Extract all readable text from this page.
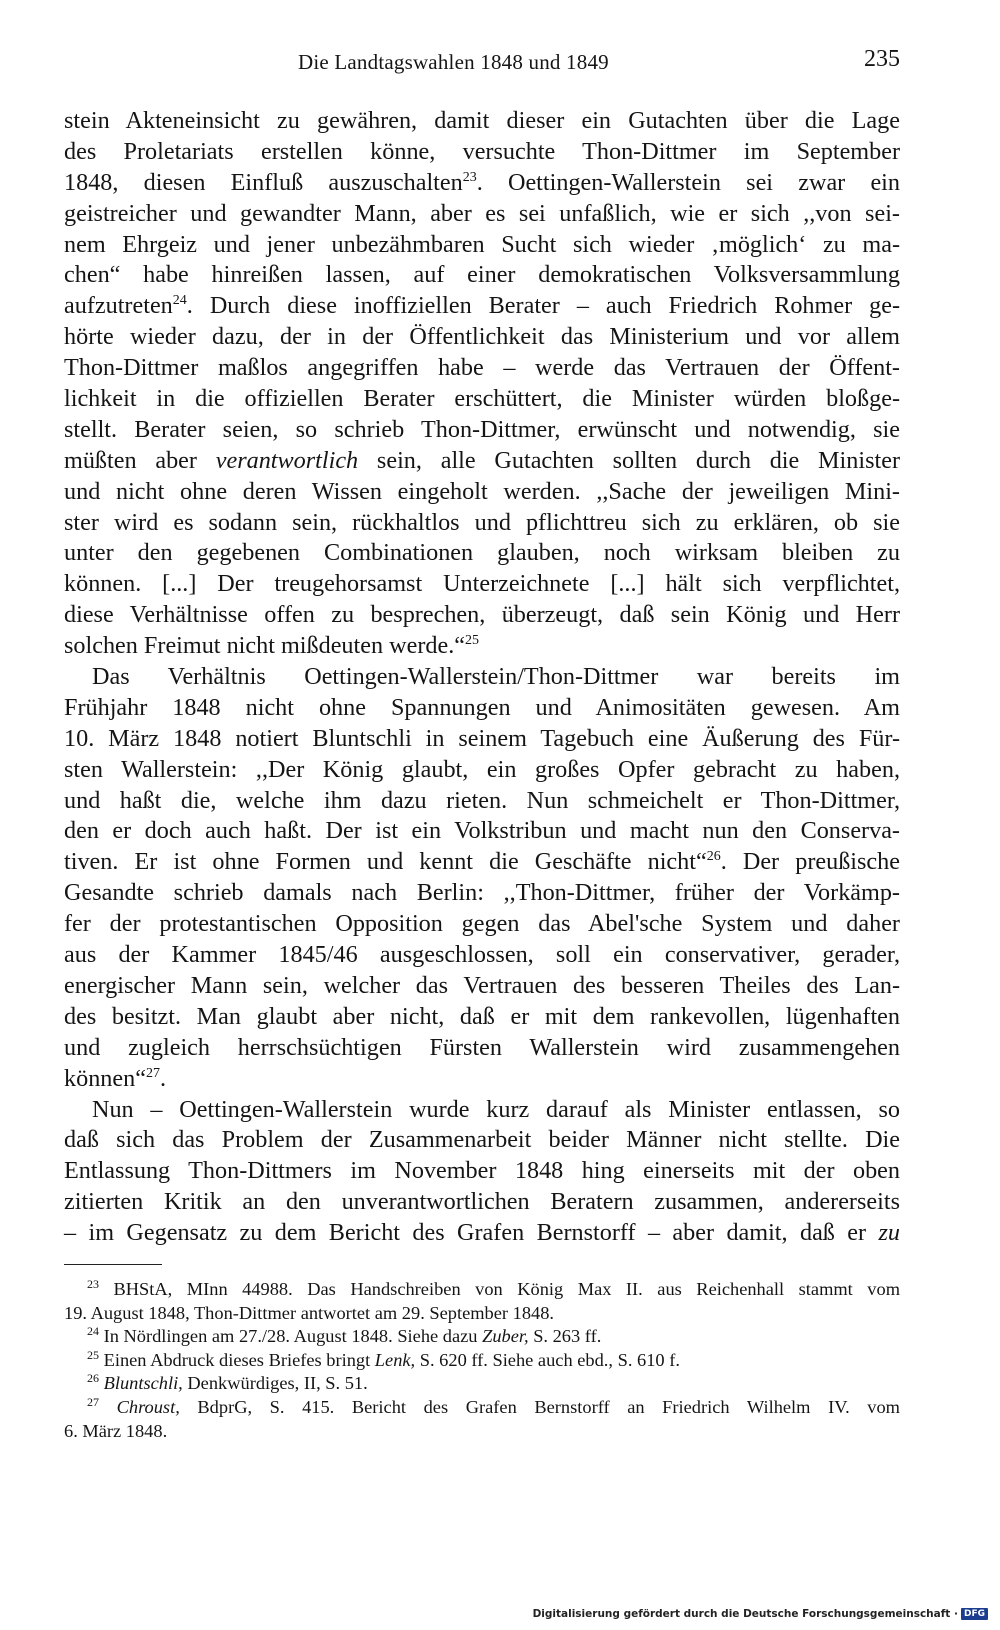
Die Landtagswahlen 1848 und 1849	235
stein Akteneinsicht zu gewähren, damit dieser ein Gutachten über die Lage
des Proletariats erstellen könne, versuchte Thon-Dittmer im September
1848, diesen Einfluß auszuschalten$^{23}$. Oettingen-Wallerstein sei zwar ein
geistreicher und gewandter Mann, aber es sei unfaßlich, wie er sich ,,von sei-
nem Ehrgeiz und jener unbezähmbaren Sucht sich wieder ‚möglich‘ zu ma-
chen“ habe hinreißen lassen, auf einer demokratischen Volksversammlung
aufzutreten$^{24}$. Durch diese inoffiziellen Berater – auch Friedrich Rohmer ge-
hörte wieder dazu, der in der Öffentlichkeit das Ministerium und vor allem
Thon-Dittmer maßlos angegriffen habe – werde das Vertrauen der Öffent-
lichkeit in die offiziellen Berater erschüttert, die Minister würden bloßge-
stellt. Berater seien, so schrieb Thon-Dittmer, erwünscht und notwendig, sie
müßten aber verantwortlich sein, alle Gutachten sollten durch die Minister
und nicht ohne deren Wissen eingeholt werden. ,,Sache der jeweiligen Mini-
ster wird es sodann sein, rückhaltlos und pflichttreu sich zu erklären, ob sie
unter den gegebenen Combinationen glauben, noch wirksam bleiben zu
können. [...] Der treugehorsamst Unterzeichnete [...] hält sich verpflichtet,
diese Verhältnisse offen zu besprechen, überzeugt, daß sein König und Herr
solchen Freimut nicht mißdeuten werde.“$^{25}$
Das Verhältnis Oettingen-Wallerstein/Thon-Dittmer war bereits im
Frühjahr 1848 nicht ohne Spannungen und Animositäten gewesen. Am
10. März 1848 notiert Bluntschli in seinem Tagebuch eine Äußerung des Für-
sten Wallerstein: ,,Der König glaubt, ein großes Opfer gebracht zu haben,
und haßt die, welche ihm dazu rieten. Nun schmeichelt er Thon-Dittmer,
den er doch auch haßt. Der ist ein Volkstribun und macht nun den Conserva-
tiven. Er ist ohne Formen und kennt die Geschäfte nicht“$^{26}$. Der preußische
Gesandte schrieb damals nach Berlin: ,,Thon-Dittmer, früher der Vorkämp-
fer der protestantischen Opposition gegen das Abel'sche System und daher
aus der Kammer 1845/46 ausgeschlossen, soll ein conservativer, gerader,
energischer Mann sein, welcher das Vertrauen des besseren Theiles des Lan-
des besitzt. Man glaubt aber nicht, daß er mit dem rankevollen, lügenhaften
und zugleich herrschsüchtigen Fürsten Wallerstein wird zusammengehen
können“$^{27}$.
Nun – Oettingen-Wallerstein wurde kurz darauf als Minister entlassen, so
daß sich das Problem der Zusammenarbeit beider Männer nicht stellte. Die
Entlassung Thon-Dittmers im November 1848 hing einerseits mit der oben
zitierten Kritik an den unverantwortlichen Beratern zusammen, andererseits
– im Gegensatz zu dem Bericht des Grafen Bernstorff – aber damit, daß er zu
$^{23}$ BHStA, MInn 44988. Das Handschreiben von König Max II. aus Reichenhall stammt vom
19. August 1848, Thon-Dittmer antwortet am 29. September 1848.
$^{24}$ In Nördlingen am 27./28. August 1848. Siehe dazu Zuber, S. 263 ff.
$^{25}$ Einen Abdruck dieses Briefes bringt Lenk, S. 620 ff. Siehe auch ebd., S. 610 f.
$^{26}$ Bluntschli, Denkwürdiges, II, S. 51.
$^{27}$ Chroust, BdprG, S. 415. Bericht des Grafen Bernstorff an Friedrich Wilhelm IV. vom
6. März 1848.
Digitalisierung gefördert durch die Deutsche Forschungsgemeinschaft · DFG
